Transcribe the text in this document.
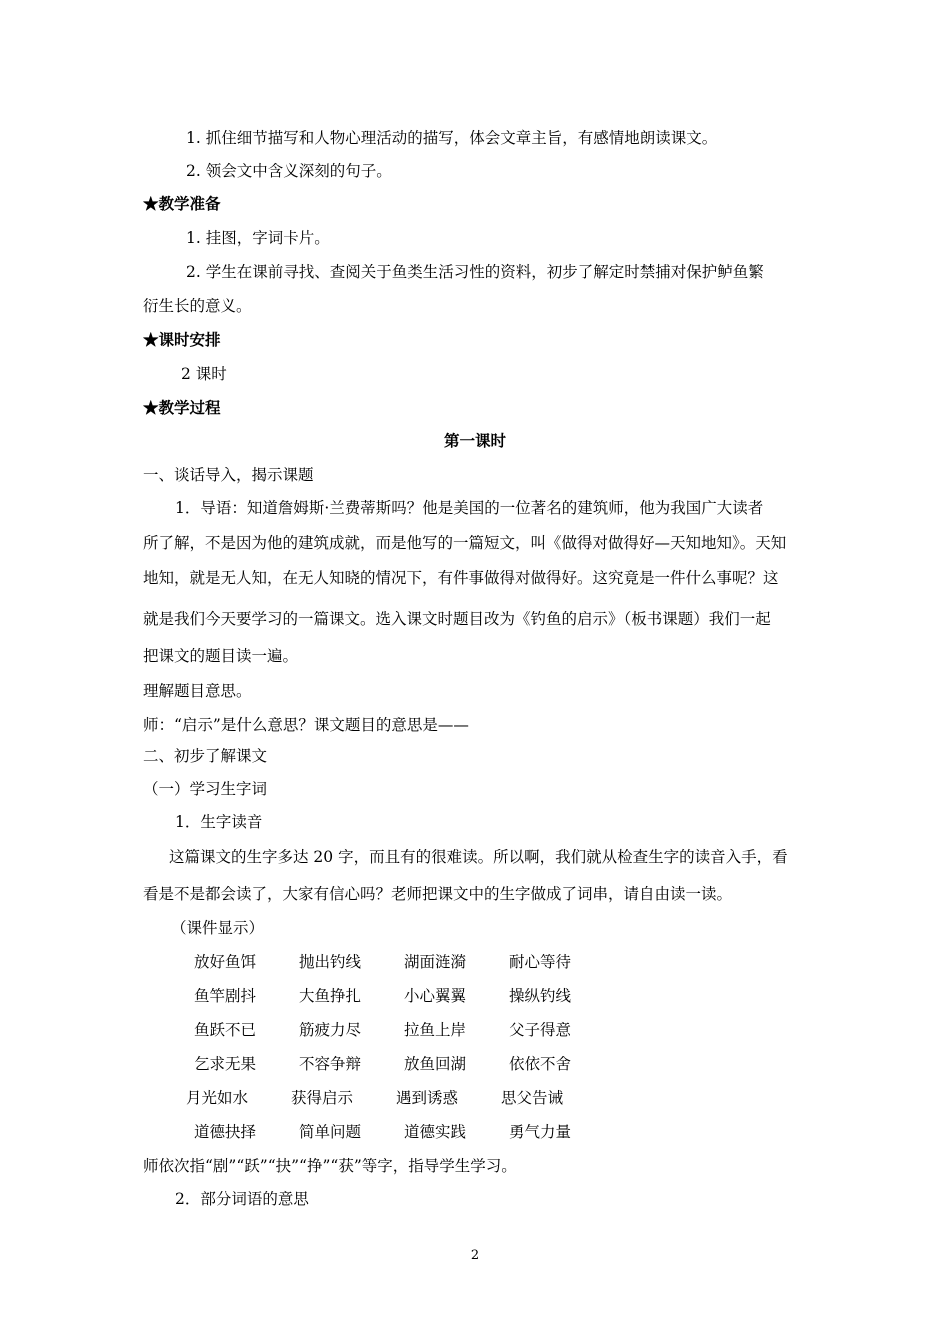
1. 抓住细节描写和人物心理活动的描写，体会文章主旨，有感情地朗读课文。
2. 领会文中含义深刻的句子。
★教学准备
1. 挂图，字词卡片。
2. 学生在课前寻找、查阅关于鱼类生活习性的资料，初步了解定时禁捕对保护鲈鱼繁
衍生长的意义。
★课时安排
2 课时
★教学过程
第一课时
一、谈话导入，揭示课题
1．导语：知道詹姆斯·兰费蒂斯吗？他是美国的一位著名的建筑师，他为我国广大读者
所了解，不是因为他的建筑成就，而是他写的一篇短文，叫《做得对做得好—天知地知》。天知
地知，就是无人知，在无人知晓的情况下，有件事做得对做得好。这究竟是一件什么事呢？这
就是我们今天要学习的一篇课文。选入课文时题目改为《钓鱼的启示》（板书课题）我们一起
把课文的题目读一遍。
理解题目意思。
师：“启示”是什么意思？课文题目的意思是——
二、初步了解课文
（一）学习生字词
1．生字读音
这篇课文的生字多达 20 字，而且有的很难读。所以啊，我们就从检查生字的读音入手，看
看是不是都会读了，大家有信心吗？老师把课文中的生字做成了词串，请自由读一读。
（课件显示）
放好鱼饵	抛出钓线	湖面涟漪	耐心等待
鱼竿剧抖	大鱼挣扎	小心翼翼	操纵钓线
鱼跃不已	筋疲力尽	拉鱼上岸	父子得意
乞求无果	不容争辩	放鱼回湖	依依不舍
月光如水	获得启示	遇到诱惑	思父告诫
道德抉择	简单问题	道德实践	勇气力量
师依次指“剧”“跃”“抉”“挣”“获”等字，指导学生学习。
2．部分词语的意思
2
